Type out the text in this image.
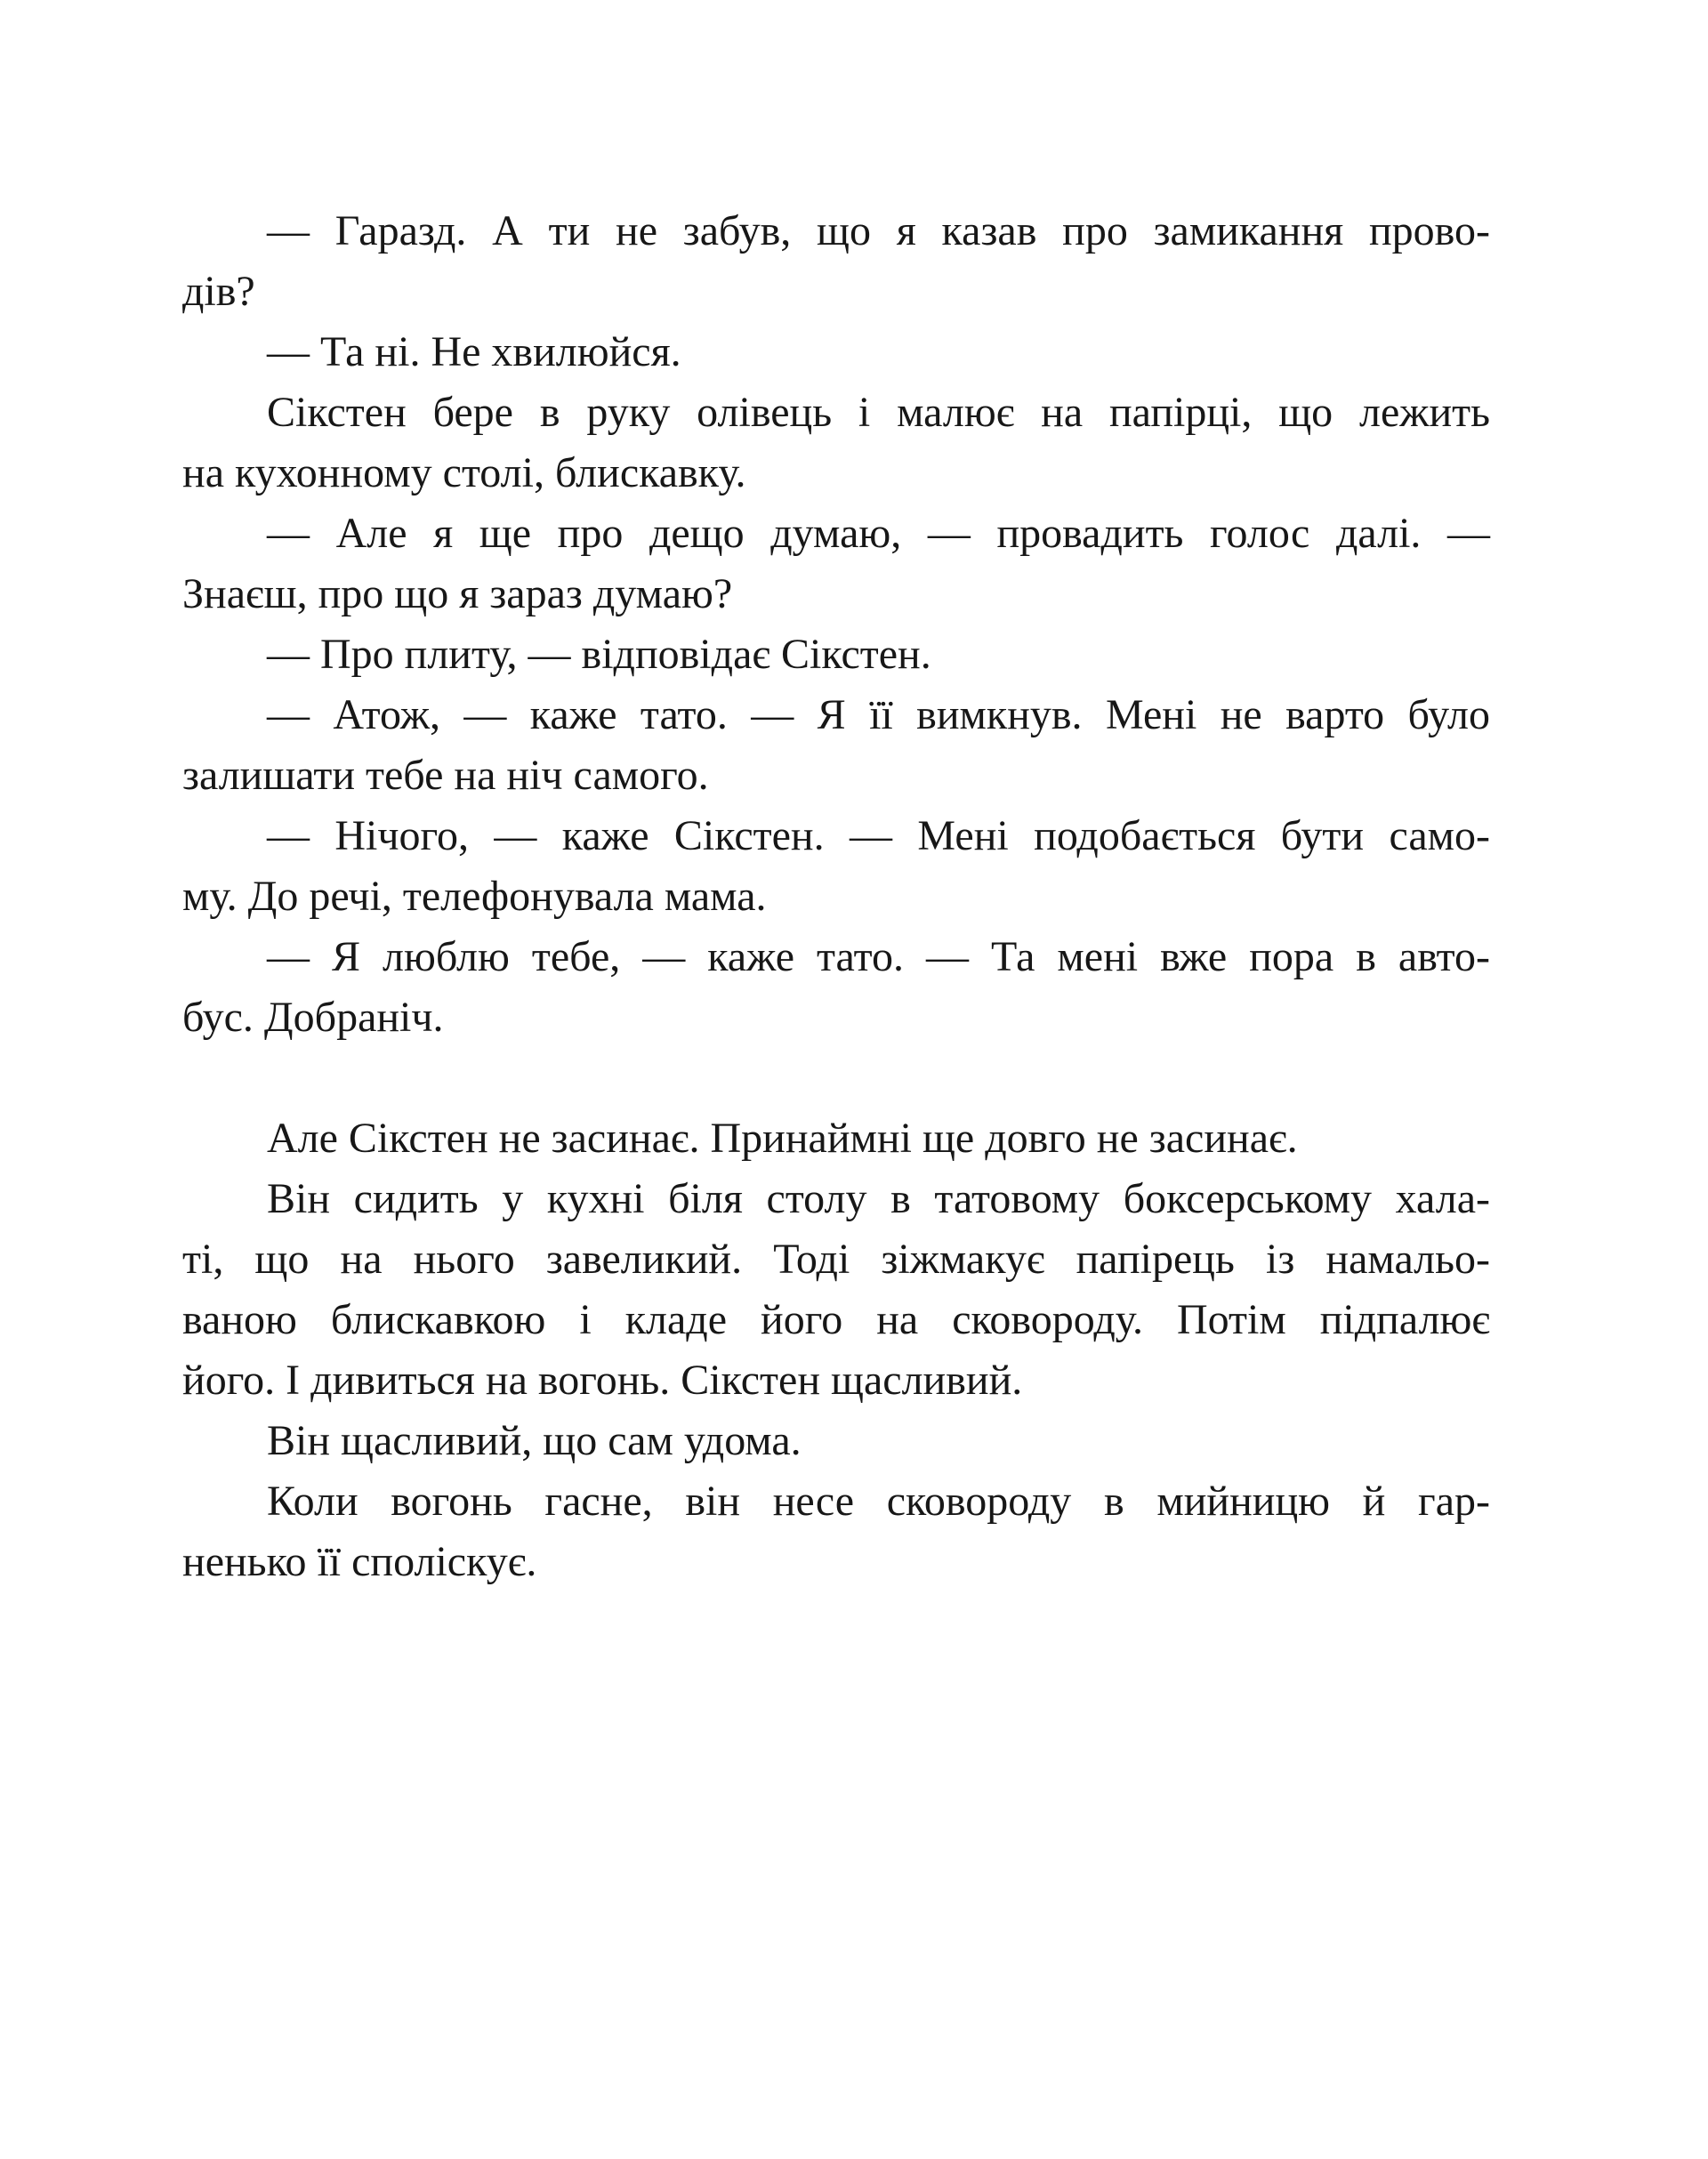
— Гаразд. А ти не забув, що я казав про замикання прово-
дів?
— Та ні. Не хвилюйся.
Сікстен бере в руку олівець і малює на папірці, що лежить
на кухонному столі, блискавку.
— Але я ще про дещо думаю, — провадить голос далі. —
Знаєш, про що я зараз думаю?
— Про плиту, — відповідає Сікстен.
— Атож, — каже тато. — Я її вимкнув. Мені не варто було
залишати тебе на ніч самого.
— Нічого, — каже Сікстен. — Мені подобається бути само-
му. До речі, телефонувала мама.
— Я люблю тебе, — каже тато. — Та мені вже пора в авто-
бус. Добраніч.
Але Сікстен не засинає. Принаймні ще довго не засинає.
Він сидить у кухні біля столу в татовому боксерському хала-
ті, що на нього завеликий. Тоді зіжмакує папірець із намальо-
ваною блискавкою і кладе його на сковороду. Потім підпалює
його. І дивиться на вогонь. Сікстен щасливий.
Він щасливий, що сам удома.
Коли вогонь гасне, він несе сковороду в мийницю й гар-
ненько її споліскує.
